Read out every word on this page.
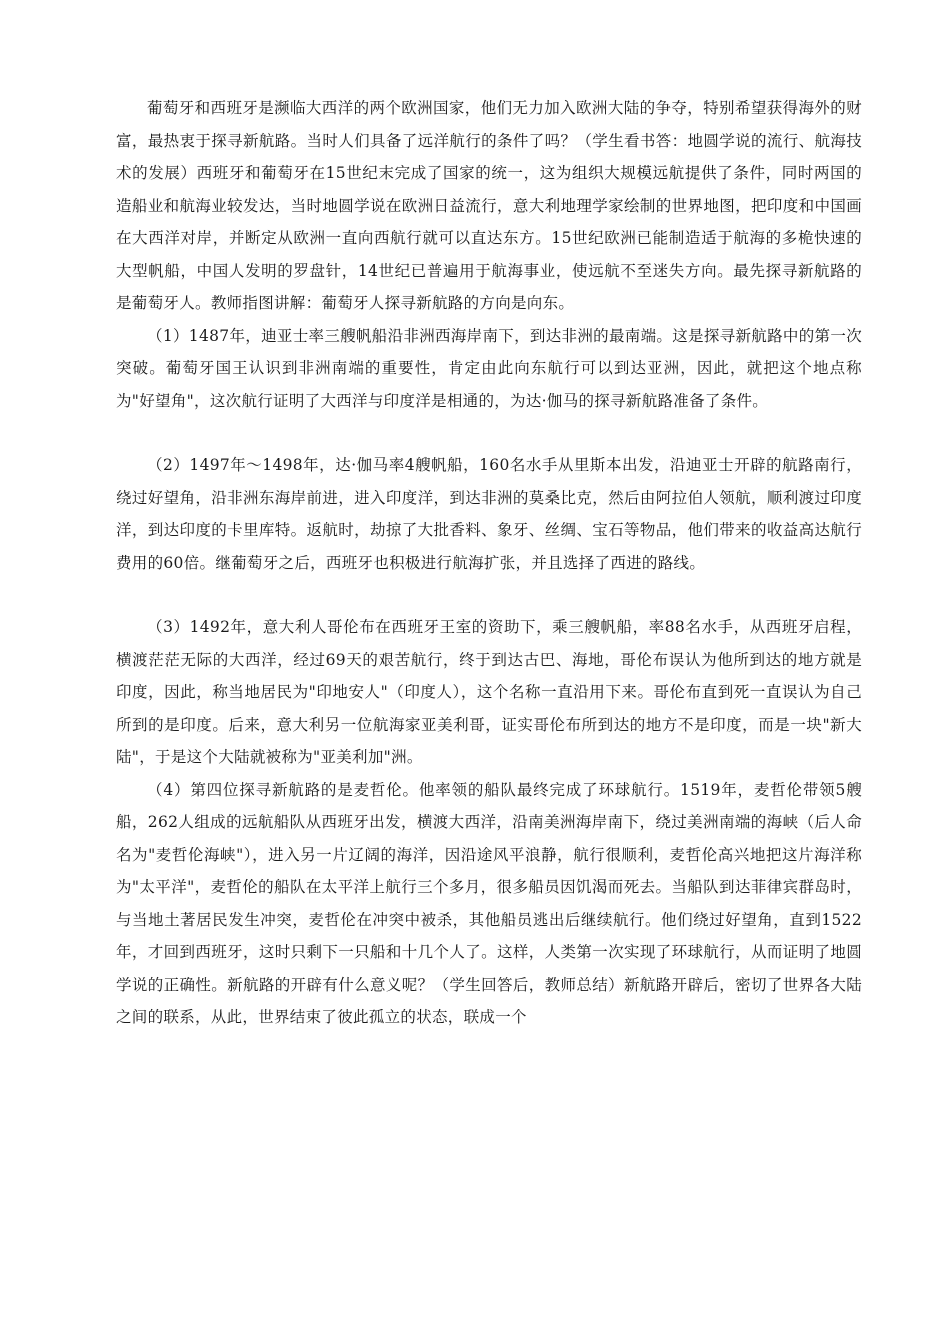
葡萄牙和西班牙是濒临大西洋的两个欧洲国家，他们无力加入欧洲大陆的争夺，特别希望获得海外的财富，最热衷于探寻新航路。当时人们具备了远洋航行的条件了吗？（学生看书答：地圆学说的流行、航海技术的发展）西班牙和葡萄牙在15世纪末完成了国家的统一，这为组织大规模远航提供了条件，同时两国的造船业和航海业较发达，当时地圆学说在欧洲日益流行，意大利地理学家绘制的世界地图，把印度和中国画在大西洋对岸，并断定从欧洲一直向西航行就可以直达东方。15世纪欧洲已能制造适于航海的多桅快速的大型帆船，中国人发明的罗盘针，14世纪已普遍用于航海事业，使远航不至迷失方向。最先探寻新航路的是葡萄牙人。教师指图讲解：葡萄牙人探寻新航路的方向是向东。

（1）1487年，迪亚士率三艘帆船沿非洲西海岸南下，到达非洲的最南端。这是探寻新航路中的第一次突破。葡萄牙国王认识到非洲南端的重要性，肯定由此向东航行可以到达亚洲，因此，就把这个地点称为"好望角"，这次航行证明了大西洋与印度洋是相通的，为达·伽马的探寻新航路准备了条件。

（2）1497年～1498年，达·伽马率4艘帆船，160名水手从里斯本出发，沿迪亚士开辟的航路南行，绕过好望角，沿非洲东海岸前进，进入印度洋，到达非洲的莫桑比克，然后由阿拉伯人领航，顺利渡过印度洋，到达印度的卡里库特。返航时，劫掠了大批香料、象牙、丝绸、宝石等物品，他们带来的收益高达航行费用的60倍。继葡萄牙之后，西班牙也积极进行航海扩张，并且选择了西进的路线。

（3）1492年，意大利人哥伦布在西班牙王室的资助下，乘三艘帆船，率88名水手，从西班牙启程，横渡茫茫无际的大西洋，经过69天的艰苦航行，终于到达古巴、海地，哥伦布误认为他所到达的地方就是印度，因此，称当地居民为"印地安人"（印度人），这个名称一直沿用下来。哥伦布直到死一直误认为自己所到的是印度。后来，意大利另一位航海家亚美利哥，证实哥伦布所到达的地方不是印度，而是一块"新大陆"，于是这个大陆就被称为"亚美利加"洲。

（4）第四位探寻新航路的是麦哲伦。他率领的船队最终完成了环球航行。1519年，麦哲伦带领5艘船，262人组成的远航船队从西班牙出发，横渡大西洋，沿南美洲海岸南下，绕过美洲南端的海峡（后人命名为"麦哲伦海峡"），进入另一片辽阔的海洋，因沿途风平浪静，航行很顺利，麦哲伦高兴地把这片海洋称为"太平洋"，麦哲伦的船队在太平洋上航行三个多月，很多船员因饥渴而死去。当船队到达菲律宾群岛时，与当地土著居民发生冲突，麦哲伦在冲突中被杀，其他船员逃出后继续航行。他们绕过好望角，直到1522年，才回到西班牙，这时只剩下一只船和十几个人了。这样，人类第一次实现了环球航行，从而证明了地圆学说的正确性。新航路的开辟有什么意义呢？（学生回答后，教师总结）新航路开辟后，密切了世界各大陆之间的联系，从此，世界结束了彼此孤立的状态，联成一个
